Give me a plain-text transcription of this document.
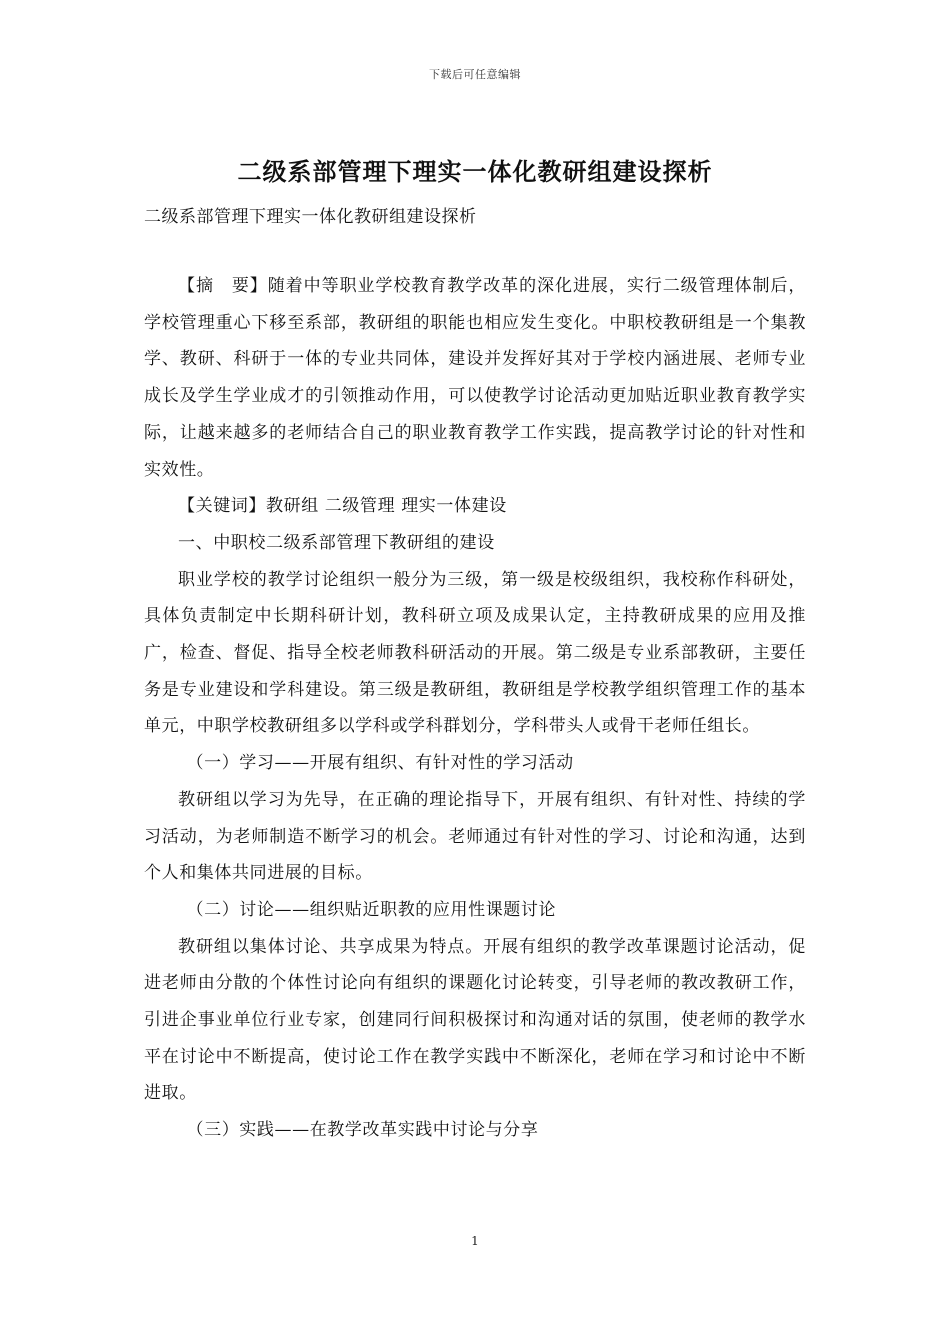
下载后可任意编辑
二级系部管理下理实一体化教研组建设探析
二级系部管理下理实一体化教研组建设探析

【摘　要】随着中等职业学校教育教学改革的深化进展，实行二级管理体制后，学校管理重心下移至系部，教研组的职能也相应发生变化。中职校教研组是一个集教学、教研、科研于一体的专业共同体，建设并发挥好其对于学校内涵进展、老师专业成长及学生学业成才的引领推动作用，可以使教学讨论活动更加贴近职业教育教学实际，让越来越多的老师结合自己的职业教育教学工作实践，提高教学讨论的针对性和实效性。

【关键词】教研组 二级管理 理实一体建设

一、中职校二级系部管理下教研组的建设

职业学校的教学讨论组织一般分为三级，第一级是校级组织，我校称作科研处，具体负责制定中长期科研计划，教科研立项及成果认定，主持教研成果的应用及推广，检查、督促、指导全校老师教科研活动的开展。第二级是专业系部教研，主要任务是专业建设和学科建设。第三级是教研组，教研组是学校教学组织管理工作的基本单元，中职学校教研组多以学科或学科群划分，学科带头人或骨干老师任组长。

（一）学习——开展有组织、有针对性的学习活动

教研组以学习为先导，在正确的理论指导下，开展有组织、有针对性、持续的学习活动，为老师制造不断学习的机会。老师通过有针对性的学习、讨论和沟通，达到个人和集体共同进展的目标。

（二）讨论——组织贴近职教的应用性课题讨论

教研组以集体讨论、共享成果为特点。开展有组织的教学改革课题讨论活动，促进老师由分散的个体性讨论向有组织的课题化讨论转变，引导老师的教改教研工作，引进企事业单位行业专家，创建同行间积极探讨和沟通对话的氛围，使老师的教学水平在讨论中不断提高，使讨论工作在教学实践中不断深化，老师在学习和讨论中不断进取。

（三）实践——在教学改革实践中讨论与分享

1
